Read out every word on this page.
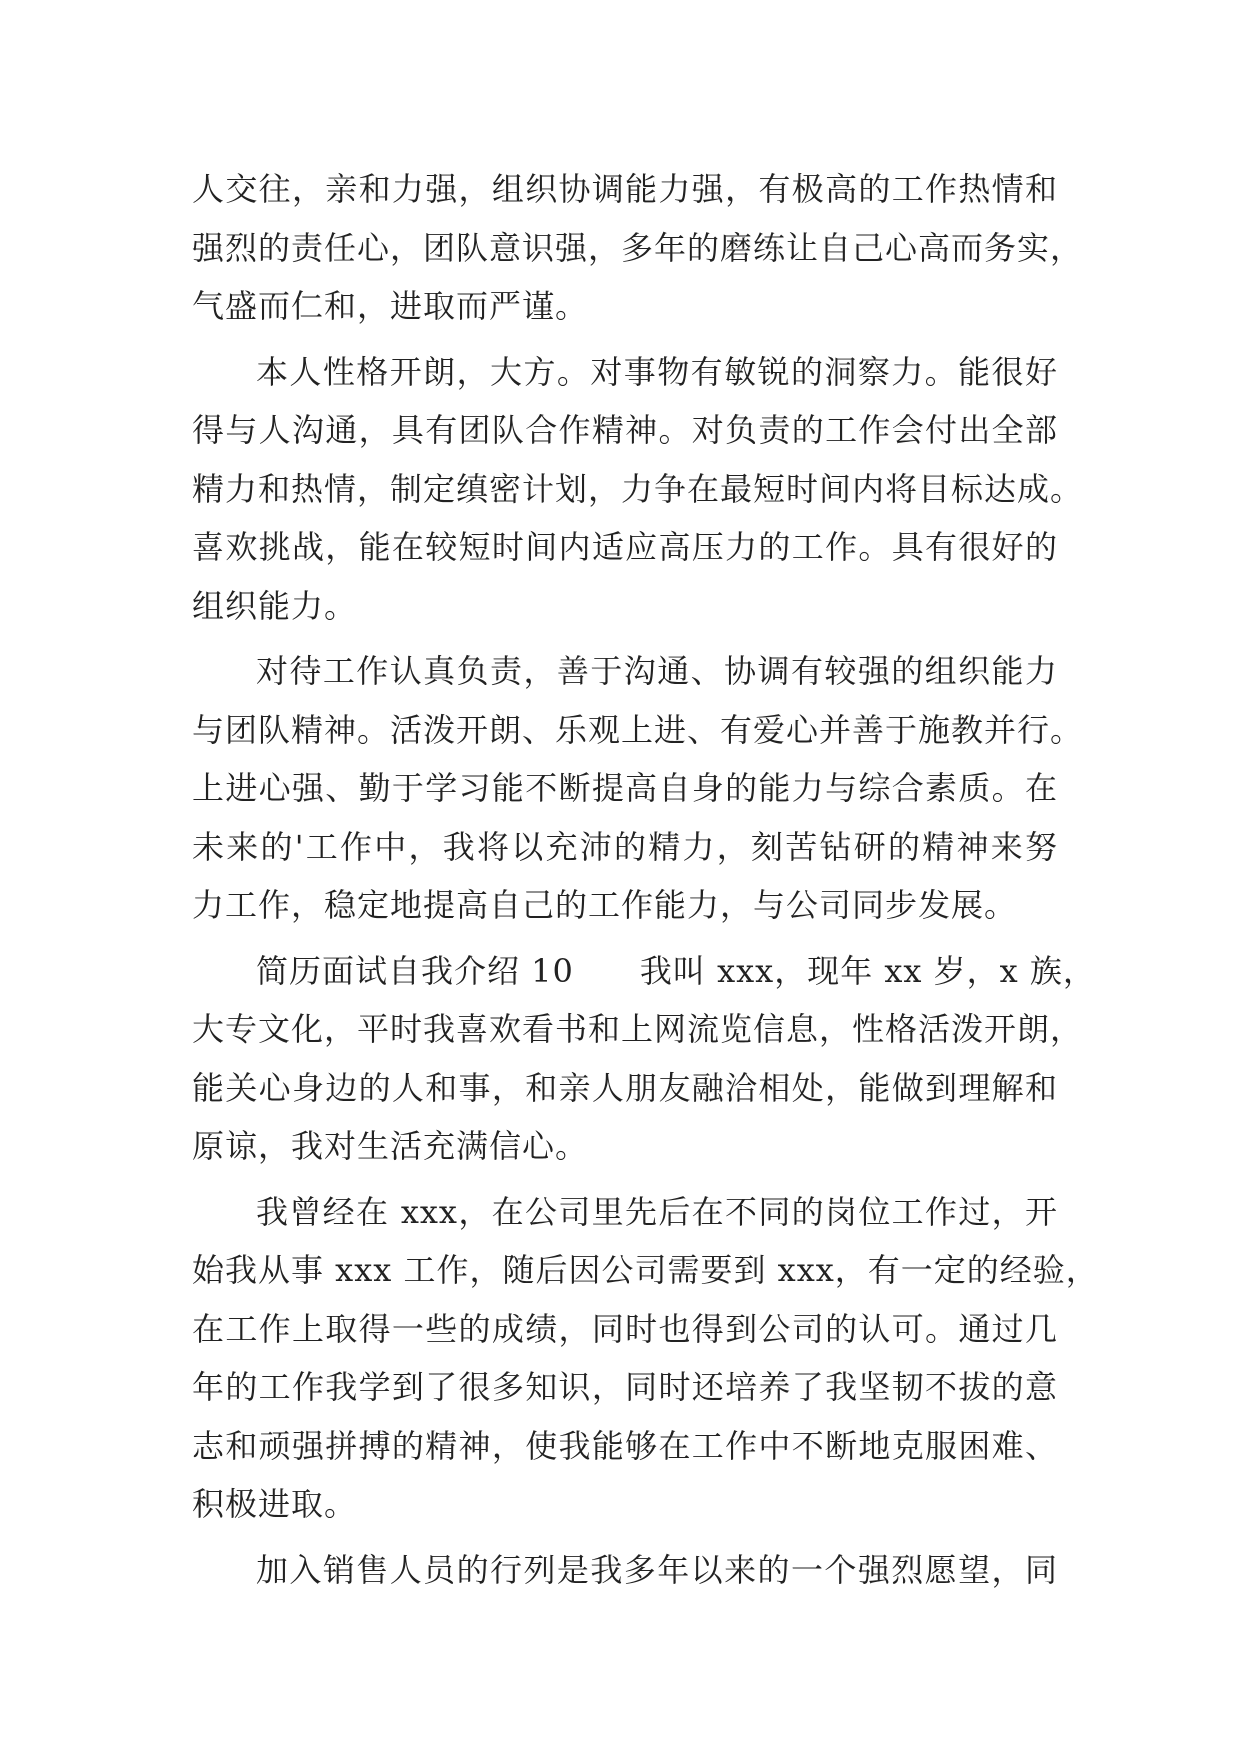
人交往，亲和力强，组织协调能力强，有极高的工作热情和
强烈的责任心，团队意识强，多年的磨练让自己心高而务实，
气盛而仁和，进取而严谨。
本人性格开朗，大方。对事物有敏锐的洞察力。能很好
得与人沟通，具有团队合作精神。对负责的工作会付出全部
精力和热情，制定缜密计划，力争在最短时间内将目标达成。
喜欢挑战，能在较短时间内适应高压力的工作。具有很好的
组织能力。
对待工作认真负责，善于沟通、协调有较强的组织能力
与团队精神。活泼开朗、乐观上进、有爱心并善于施教并行。
上进心强、勤于学习能不断提高自身的能力与综合素质。在
未来的'工作中，我将以充沛的精力，刻苦钻研的精神来努
力工作，稳定地提高自己的工作能力，与公司同步发展。
简历面试自我介绍 10　　我叫 xxx，现年 xx 岁，x 族，
大专文化，平时我喜欢看书和上网流览信息，性格活泼开朗，
能关心身边的人和事，和亲人朋友融洽相处，能做到理解和
原谅，我对生活充满信心。
我曾经在 xxx，在公司里先后在不同的岗位工作过，开
始我从事 xxx 工作，随后因公司需要到 xxx，有一定的经验，
在工作上取得一些的成绩，同时也得到公司的认可。通过几
年的工作我学到了很多知识，同时还培养了我坚韧不拔的意
志和顽强拼搏的精神，使我能够在工作中不断地克服困难、
积极进取。
加入销售人员的行列是我多年以来的一个强烈愿望，同
